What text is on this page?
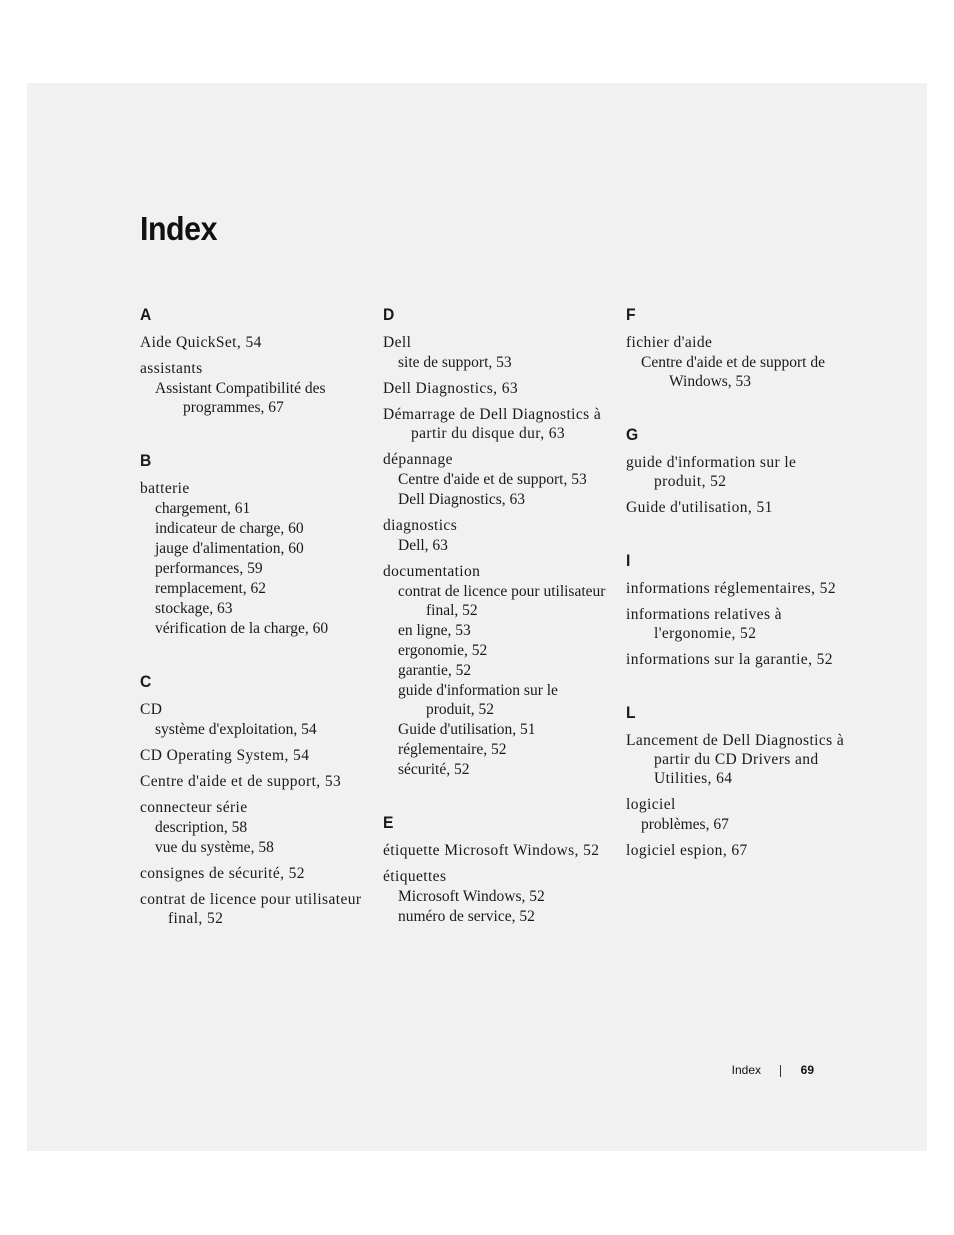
Index
A
Aide QuickSet, 54
assistants
Assistant Compatibilité des programmes, 67
B
batterie
chargement, 61
indicateur de charge, 60
jauge d'alimentation, 60
performances, 59
remplacement, 62
stockage, 63
vérification de la charge, 60
C
CD
système d'exploitation, 54
CD Operating System, 54
Centre d'aide et de support, 53
connecteur série
description, 58
vue du système, 58
consignes de sécurité, 52
contrat de licence pour utilisateur final, 52
D
Dell
site de support, 53
Dell Diagnostics, 63
Démarrage de Dell Diagnostics à partir du disque dur, 63
dépannage
Centre d'aide et de support, 53
Dell Diagnostics, 63
diagnostics
Dell, 63
documentation
contrat de licence pour utilisateur final, 52
en ligne, 53
ergonomie, 52
garantie, 52
guide d'information sur le produit, 52
Guide d'utilisation, 51
réglementaire, 52
sécurité, 52
E
étiquette Microsoft Windows, 52
étiquettes
Microsoft Windows, 52
numéro de service, 52
F
fichier d'aide
Centre d'aide et de support de Windows, 53
G
guide d'information sur le produit, 52
Guide d'utilisation, 51
I
informations réglementaires, 52
informations relatives à l'ergonomie, 52
informations sur la garantie, 52
L
Lancement de Dell Diagnostics à partir du CD Drivers and Utilities, 64
logiciel
problèmes, 67
logiciel espion, 67
Index	69
